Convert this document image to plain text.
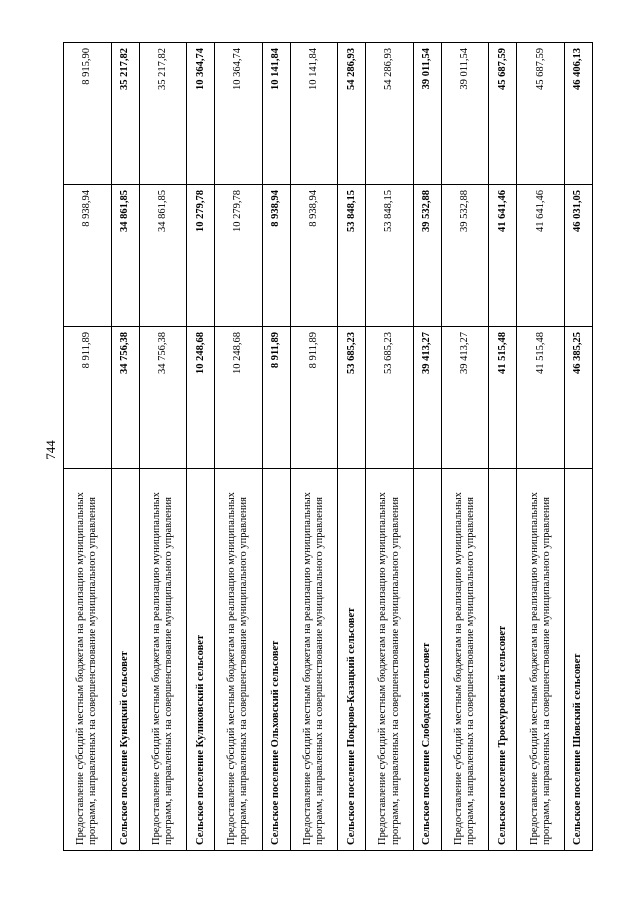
744
Предоставление субсидий местным бюджетам на реализацию муниципальных программ, направленных на совершенствование муниципального управления	8 911,89	8 938,94	8 915,90
Сельское поселение Кунецкий сельсовет	34 756,38	34 861,85	35 217,82
Предоставление субсидий местным бюджетам на реализацию муниципальных программ, направленных на совершенствование муниципального управления	34 756,38	34 861,85	35 217,82
Сельское поселение Куликовский сельсовет	10 248,68	10 279,78	10 364,74
Предоставление субсидий местным бюджетам на реализацию муниципальных программ, направленных на совершенствование муниципального управления	10 248,68	10 279,78	10 364,74
Сельское поселение Ольховский сельсовет	8 911,89	8 938,94	10 141,84
Предоставление субсидий местным бюджетам на реализацию муниципальных программ, направленных на совершенствование муниципального управления	8 911,89	8 938,94	10 141,84
Сельское поселение Покрово-Казацкий сельсовет	53 685,23	53 848,15	54 286,93
Предоставление субсидий местным бюджетам на реализацию муниципальных программ, направленных на совершенствование муниципального управления	53 685,23	53 848,15	54 286,93
Сельское поселение Слободской сельсовет	39 413,27	39 532,88	39 011,54
Предоставление субсидий местным бюджетам на реализацию муниципальных программ, направленных на совершенствование муниципального управления	39 413,27	39 532,88	39 011,54
Сельское поселение Троекуровский сельсовет	41 515,48	41 641,46	45 687,59
Предоставление субсидий местным бюджетам на реализацию муниципальных программ, направленных на совершенствование муниципального управления	41 515,48	41 641,46	45 687,59
Сельское поселение Шовский сельсовет	46 385,25	46 031,05	46 406,13
